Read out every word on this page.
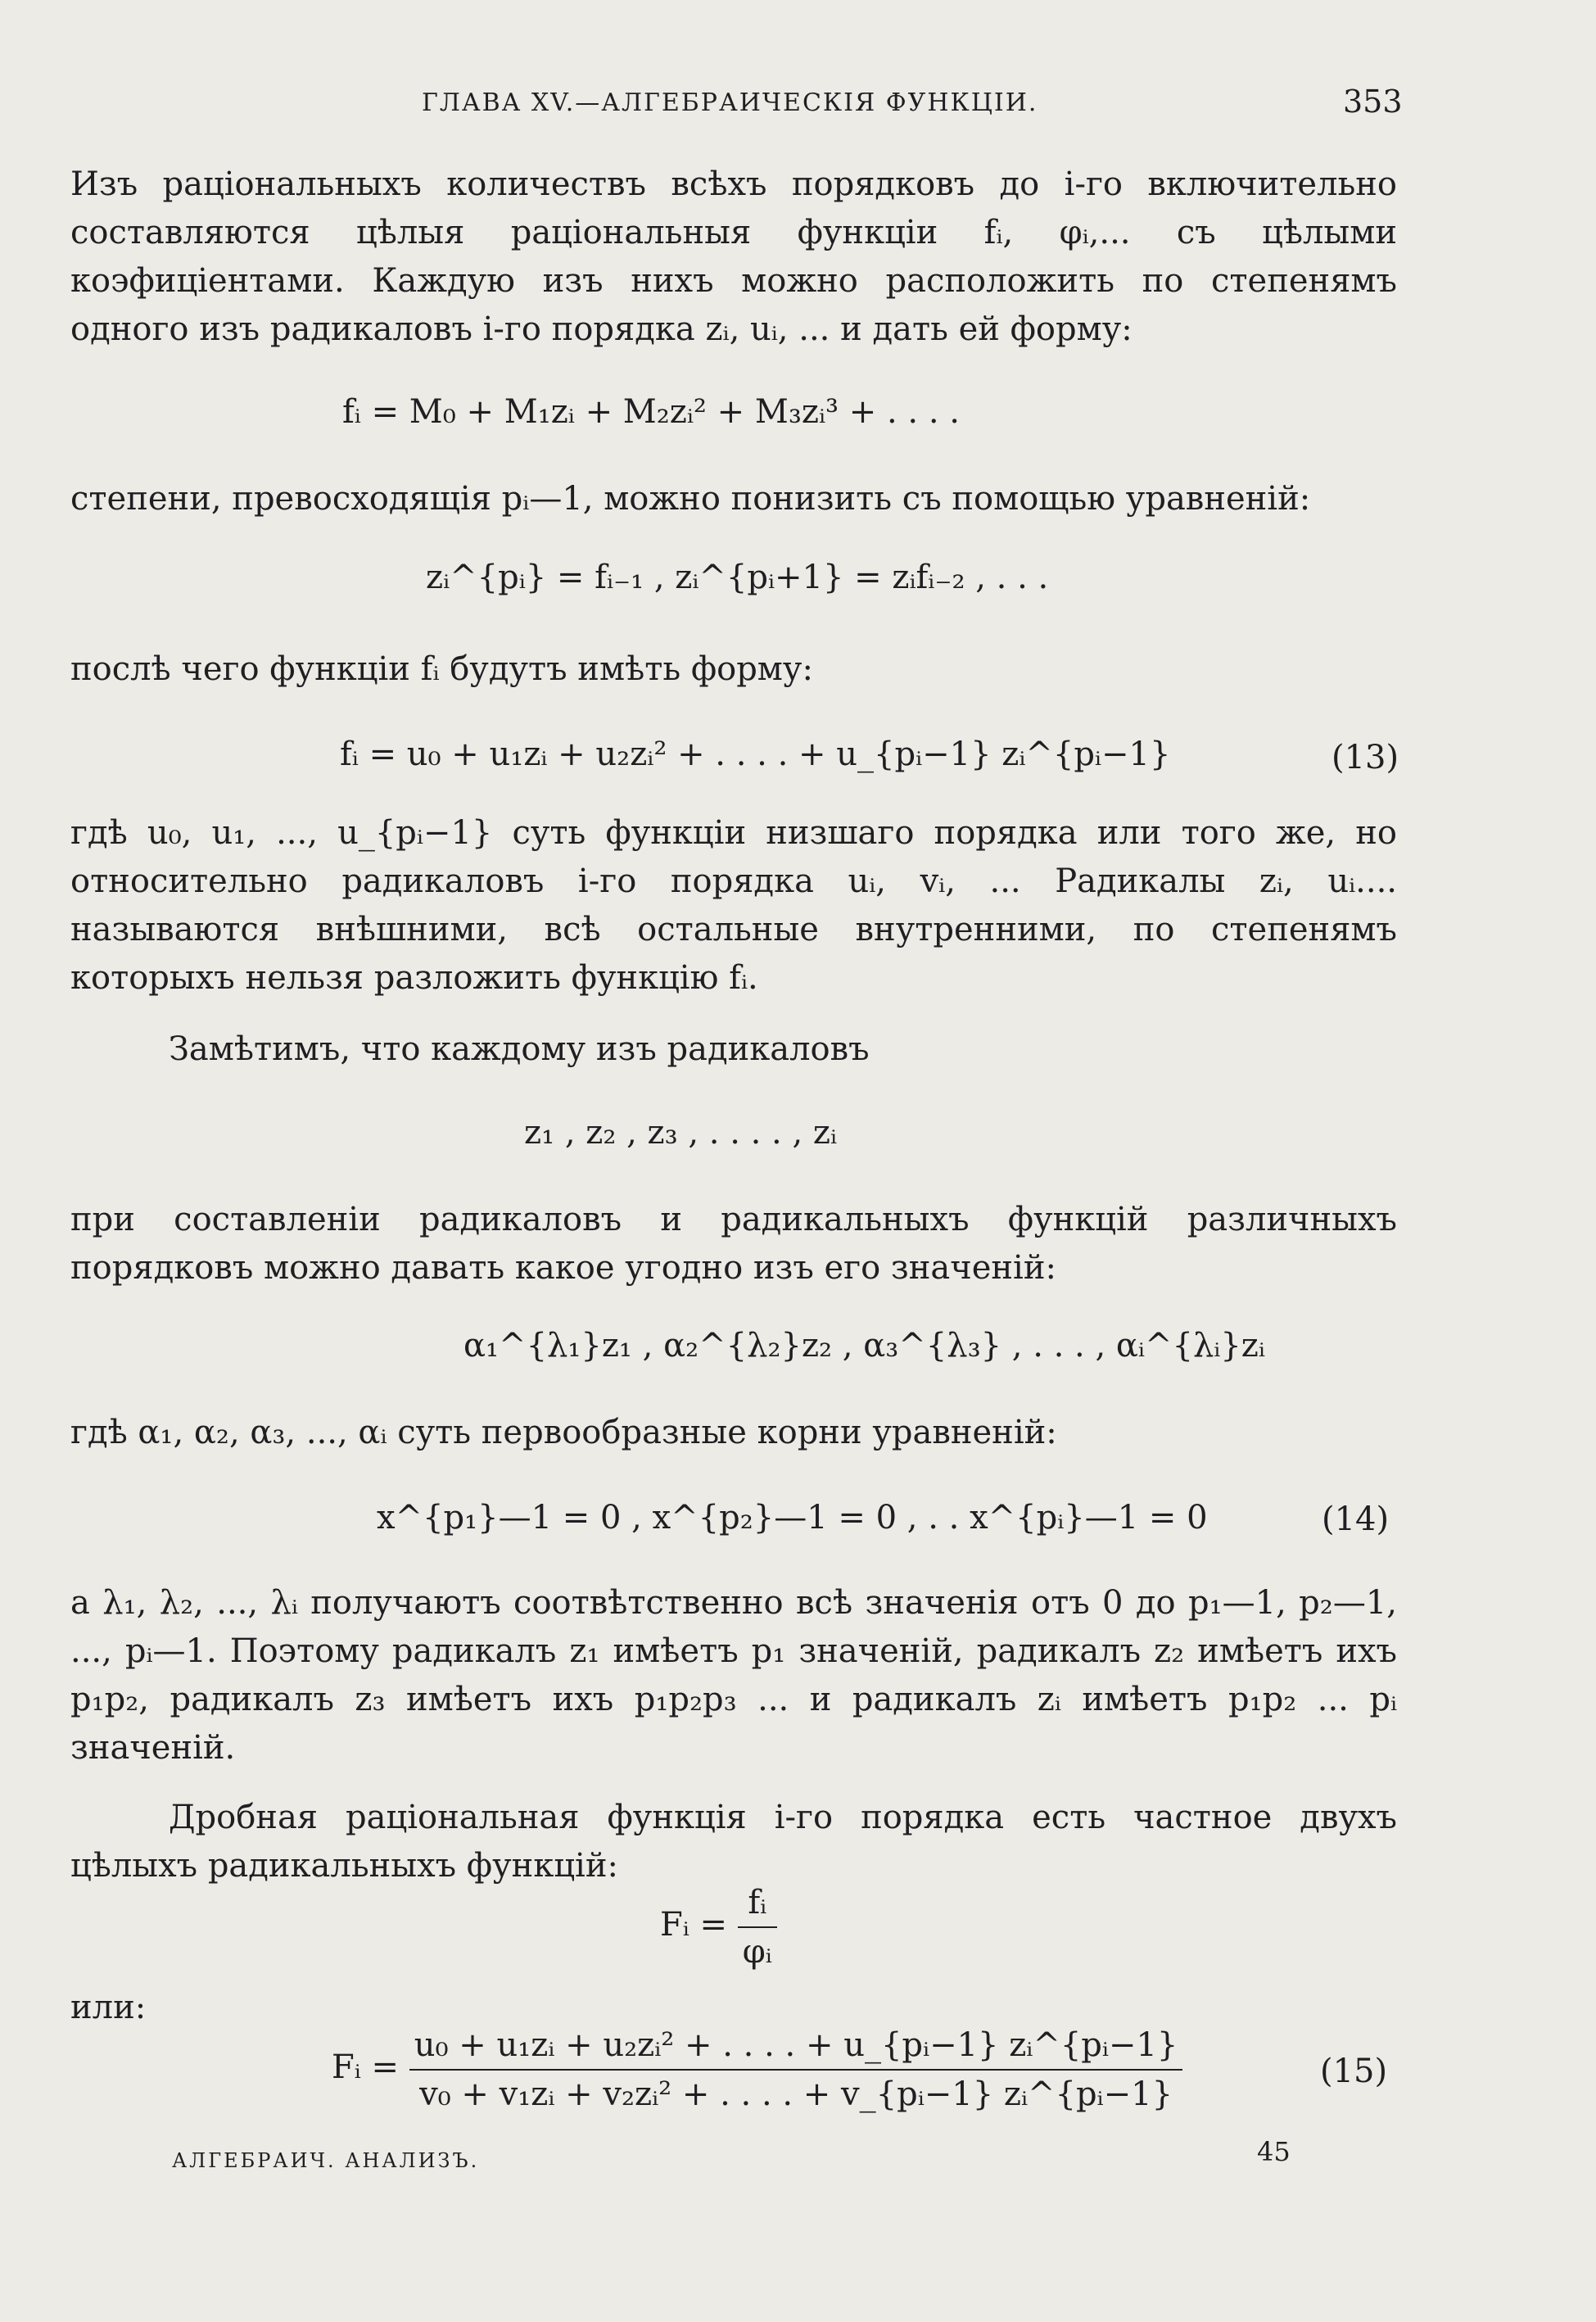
ГЛАВА XV.—АЛГЕБРАИЧЕСКІЯ ФУНКЦІИ.	353

Изъ раціональныхъ количествъ всѣхъ порядковъ до i-го включительно составляются цѣлыя раціональныя функціи fᵢ, φᵢ,... съ цѣлыми коэфиціентами. Каждую изъ нихъ можно расположить по степенямъ одного изъ радикаловъ i-го порядка zᵢ, uᵢ, ... и дать ей форму:

fᵢ = M₀ + M₁zᵢ + M₂zᵢ² + M₃zᵢ³ + . . . .

степени, превосходящія pᵢ—1, можно понизить съ помощью уравненій:

zᵢ^{pᵢ} = fᵢ₋₁ , zᵢ^{pᵢ+1} = zᵢfᵢ₋₂ , . . .

послѣ чего функціи fᵢ будутъ имѣть форму:

fᵢ = u₀ + u₁zᵢ + u₂zᵢ² + . . . . + u_{pᵢ−1} zᵢ^{pᵢ−1}	(13)

гдѣ u₀, u₁, ..., u_{pᵢ−1} суть функціи низшаго порядка или того же, но относительно радикаловъ i-го порядка uᵢ, vᵢ, ... Радикалы zᵢ, uᵢ.... называются внѣшними, всѣ остальные внутренними, по степенямъ которыхъ нельзя разложить функцію fᵢ.

Замѣтимъ, что каждому изъ радикаловъ

z₁ , z₂ , z₃ , . . . . , zᵢ

при составленіи радикаловъ и радикальныхъ функцій различныхъ порядковъ можно давать какое угодно изъ его значеній:

α₁^{λ₁}z₁ , α₂^{λ₂}z₂ , α₃^{λ₃} , . . . , αᵢ^{λᵢ}zᵢ

гдѣ α₁, α₂, α₃, ..., αᵢ суть первообразные корни уравненій:

x^{p₁}—1 = 0 , x^{p₂}—1 = 0 , . . x^{pᵢ}—1 = 0	(14)

а λ₁, λ₂, ..., λᵢ получаютъ соотвѣтственно всѣ значенія отъ 0 до p₁—1, p₂—1, ..., pᵢ—1. Поэтому радикалъ z₁ имѣетъ p₁ значеній, радикалъ z₂ имѣетъ ихъ p₁p₂, радикалъ z₃ имѣетъ ихъ p₁p₂p₃ ... и радикалъ zᵢ имѣетъ p₁p₂ ... pᵢ значеній.

Дробная раціональная функція i-го порядка есть частное двухъ цѣлыхъ радикальныхъ функцій:

Fᵢ = $\frac{\text{fᵢ}}{\text{φᵢ}}$

или:

Fᵢ = $\frac{\text{u₀ + u₁zᵢ + u₂zᵢ² + . . . . + u\_\{pᵢ−1\} zᵢ\textasciicircum{}\{pᵢ−1\}}}{\text{v₀ + v₁zᵢ + v₂zᵢ² + . . . . + v\_\{pᵢ−1\} zᵢ\textasciicircum{}\{pᵢ−1\}}}$	(15)
АЛГЕБРАИЧ. АНАЛИЗЪ.	45
